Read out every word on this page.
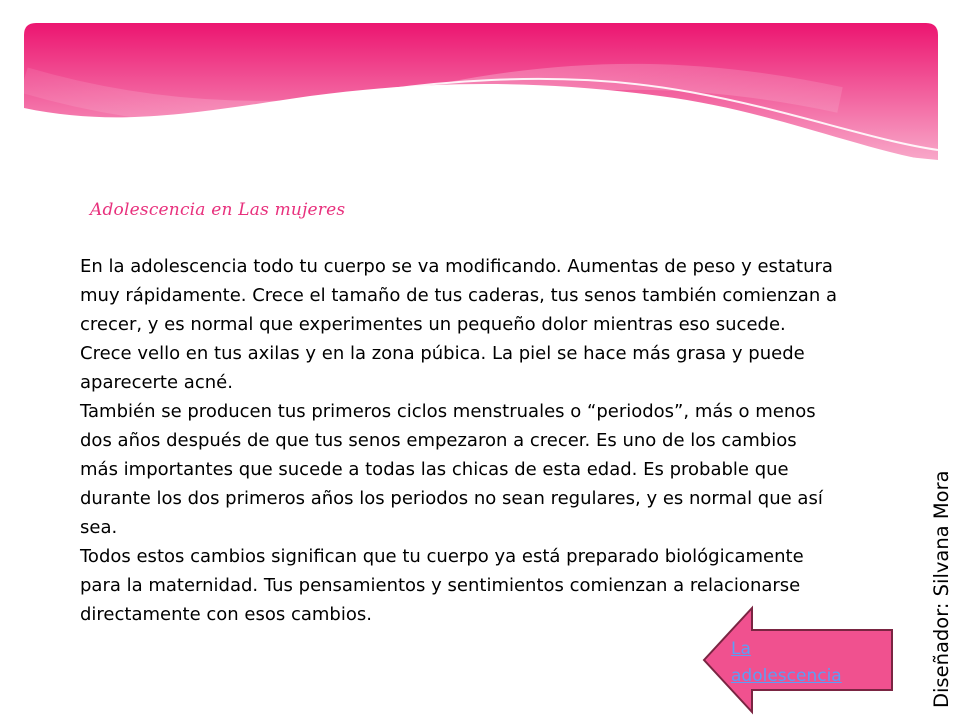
Adolescencia en Las mujeres

En la adolescencia todo tu cuerpo se va modificando. Aumentas de peso y estatura muy rápidamente. Crece el tamaño de tus caderas, tus senos también comienzan a crecer, y es normal que experimentes un pequeño dolor mientras eso sucede. Crece vello en tus axilas y en la zona púbica. La piel se hace más grasa y puede aparecerte acné.

También se producen tus primeros ciclos menstruales o “periodos”, más o menos dos años después de que tus senos empezaron a crecer. Es uno de los cambios más importantes que sucede a todas las chicas de esta edad. Es probable que durante los dos primeros años los periodos no sean regulares, y es normal que así sea.

Todos estos cambios significan que tu cuerpo ya está preparado biológicamente para la maternidad. Tus pensamientos y sentimientos comienzan a relacionarse directamente con esos cambios.	Diseñador: Silvana Mora
La adolescencia
